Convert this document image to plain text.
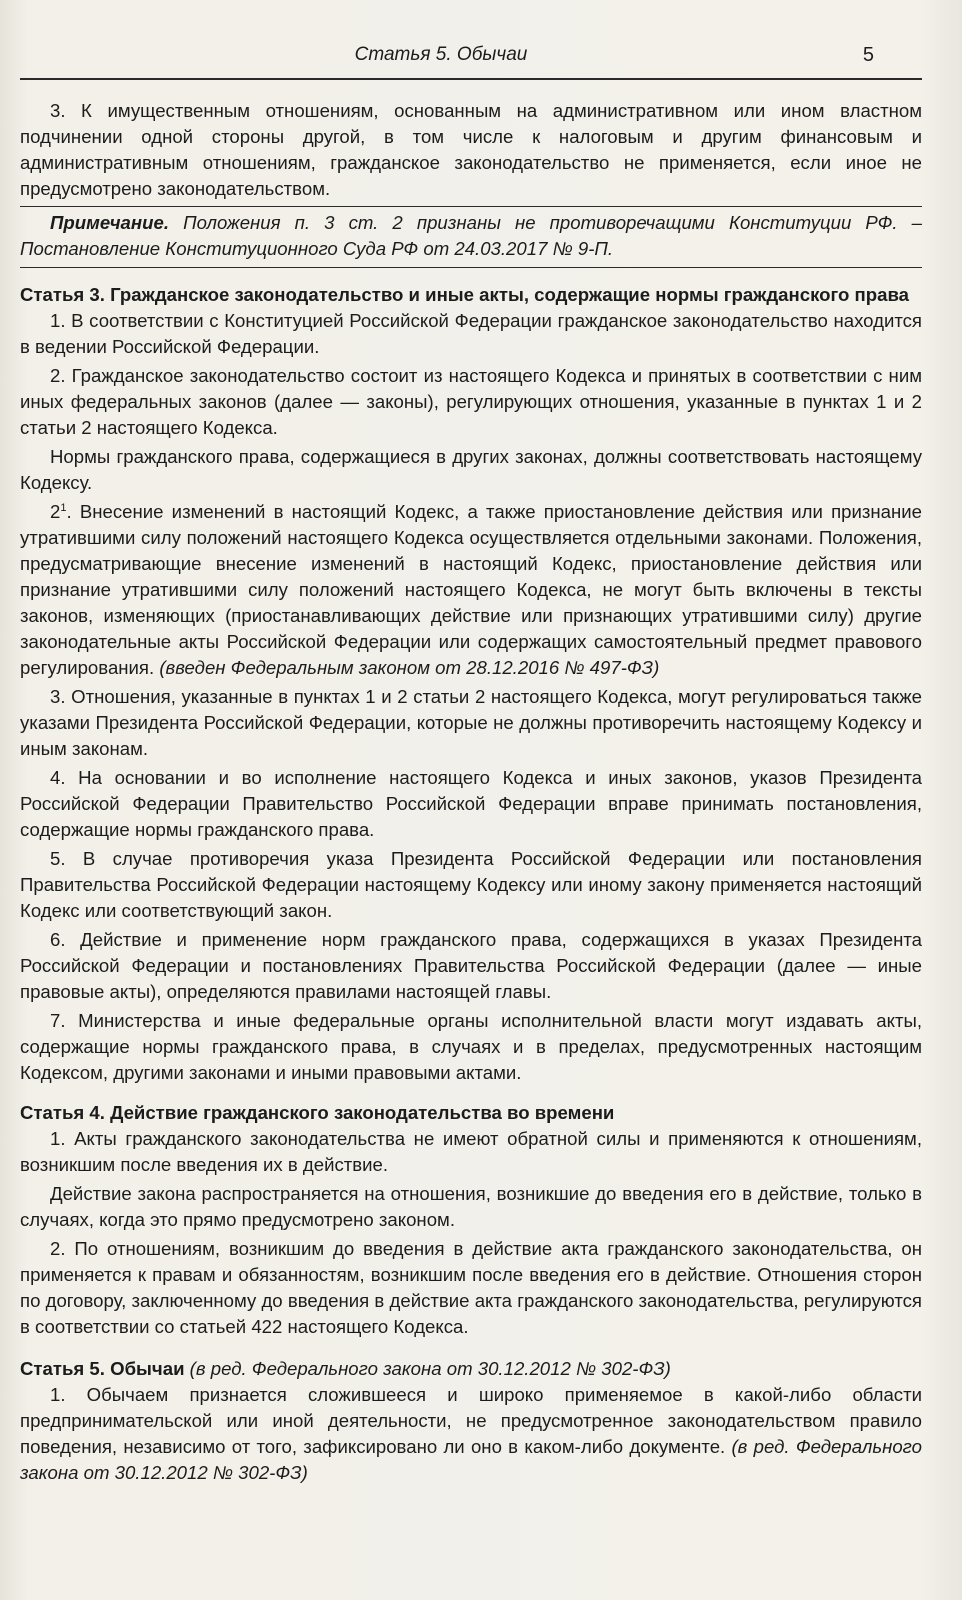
Статья 5. Обычаи	5

3. К имущественным отношениям, основанным на административном или ином властном подчинении одной стороны другой, в том числе к налоговым и другим финансовым и административным отношениям, гражданское законодательство не применяется, если иное не предусмотрено законодательством.

Примечание. Положения п. 3 ст. 2 признаны не противоречащими Конституции РФ. – Постановление Конституционного Суда РФ от 24.03.2017 № 9-П.

Статья 3. Гражданское законодательство и иные акты, содержащие нормы гражданского права

1. В соответствии с Конституцией Российской Федерации гражданское законодательство находится в ведении Российской Федерации.

2. Гражданское законодательство состоит из настоящего Кодекса и принятых в соответствии с ним иных федеральных законов (далее — законы), регулирующих отношения, указанные в пунктах 1 и 2 статьи 2 настоящего Кодекса.

Нормы гражданского права, содержащиеся в других законах, должны соответствовать настоящему Кодексу.

$2^1$. Внесение изменений в настоящий Кодекс, а также приостановление действия или признание утратившими силу положений настоящего Кодекса осуществляется отдельными законами. Положения, предусматривающие внесение изменений в настоящий Кодекс, приостановление действия или признание утратившими силу положений настоящего Кодекса, не могут быть включены в тексты законов, изменяющих (приостанавливающих действие или признающих утратившими силу) другие законодательные акты Российской Федерации или содержащих самостоятельный предмет правового регулирования. (введен Федеральным законом от 28.12.2016 № 497-ФЗ)

3. Отношения, указанные в пунктах 1 и 2 статьи 2 настоящего Кодекса, могут регулироваться также указами Президента Российской Федерации, которые не должны противоречить настоящему Кодексу и иным законам.

4. На основании и во исполнение настоящего Кодекса и иных законов, указов Президента Российской Федерации Правительство Российской Федерации вправе принимать постановления, содержащие нормы гражданского права.

5. В случае противоречия указа Президента Российской Федерации или постановления Правительства Российской Федерации настоящему Кодексу или иному закону применяется настоящий Кодекс или соответствующий закон.

6. Действие и применение норм гражданского права, содержащихся в указах Президента Российской Федерации и постановлениях Правительства Российской Федерации (далее — иные правовые акты), определяются правилами настоящей главы.

7. Министерства и иные федеральные органы исполнительной власти могут издавать акты, содержащие нормы гражданского права, в случаях и в пределах, предусмотренных настоящим Кодексом, другими законами и иными правовыми актами.

Статья 4. Действие гражданского законодательства во времени

1. Акты гражданского законодательства не имеют обратной силы и применяются к отношениям, возникшим после введения их в действие.

Действие закона распространяется на отношения, возникшие до введения его в действие, только в случаях, когда это прямо предусмотрено законом.

2. По отношениям, возникшим до введения в действие акта гражданского законодательства, он применяется к правам и обязанностям, возникшим после введения его в действие. Отношения сторон по договору, заключенному до введения в действие акта гражданского законодательства, регулируются в соответствии со статьей 422 настоящего Кодекса.

Статья 5. Обычаи (в ред. Федерального закона от 30.12.2012 № 302-ФЗ)

1. Обычаем признается сложившееся и широко применяемое в какой-либо области предпринимательской или иной деятельности, не предусмотренное законодательством правило поведения, независимо от того, зафиксировано ли оно в каком-либо документе. (в ред. Федерального закона от 30.12.2012 № 302-ФЗ)
